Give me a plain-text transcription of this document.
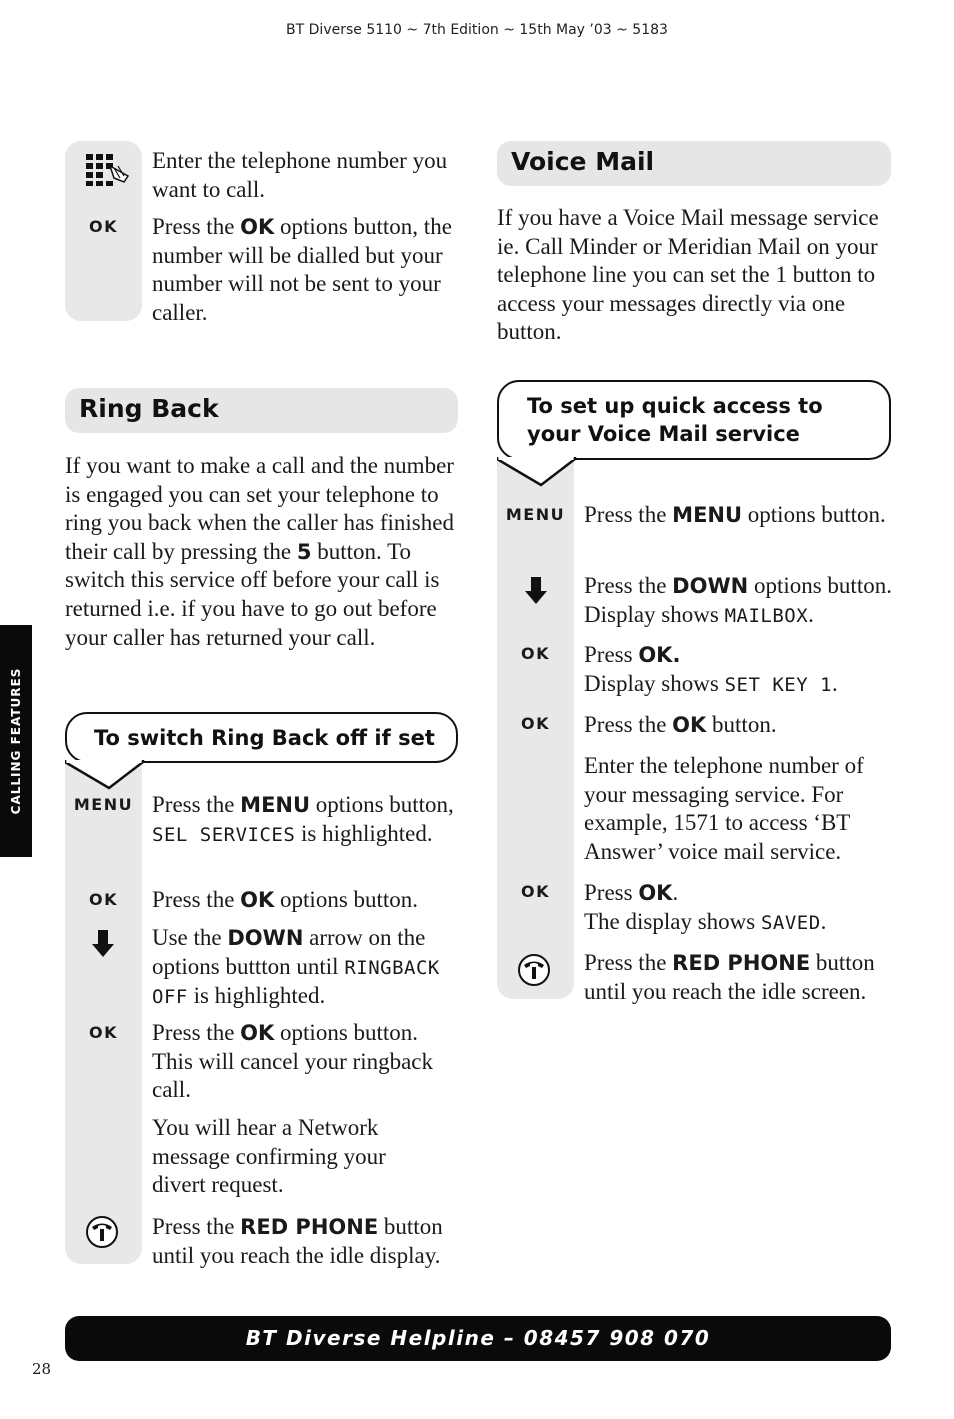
BT Diverse 5110 ~ 7th Edition ~ 15th May ’03 ~ 5183
CALLING FEATURES
Enter the telephone number you want to call.
OK	Press the OK options button, the number will be dialled but your number will not be sent to your caller.
Ring Back
If you want to make a call and the number is engaged you can set your telephone to ring you back when the caller has finished their call by pressing the 5 button. To switch this service off before your call is returned i.e. if you have to go out before your caller has returned your call.
To switch Ring Back off if set
MENU Press the MENU options button, SEL SERVICES is highlighted.
OK	Press the OK options button.
Use the DOWN arrow on the options buttton until RINGBACK OFF is highlighted.
OK	Press the OK options button. This will cancel your ringback call.
You will hear a Network message confirming your divert request.
Press the RED PHONE button until you reach the idle display.
Voice Mail
If you have a Voice Mail message service ie. Call Minder or Meridian Mail on your telephone line you can set the 1 button to access your messages directly via one button.
To set up quick access to your Voice Mail service
MENU Press the MENU options button.
Press the DOWN options button. Display shows MAILBOX.
OK	Press OK.
Display shows SET KEY 1.
OK	Press the OK button.
Enter the telephone number of your messaging service. For example, 1571 to access ‘BT Answer’ voice mail service.
OK	Press OK.
The display shows SAVED.
Press the RED PHONE button until you reach the idle screen.
BT Diverse Helpline – 08457 908 070
28
